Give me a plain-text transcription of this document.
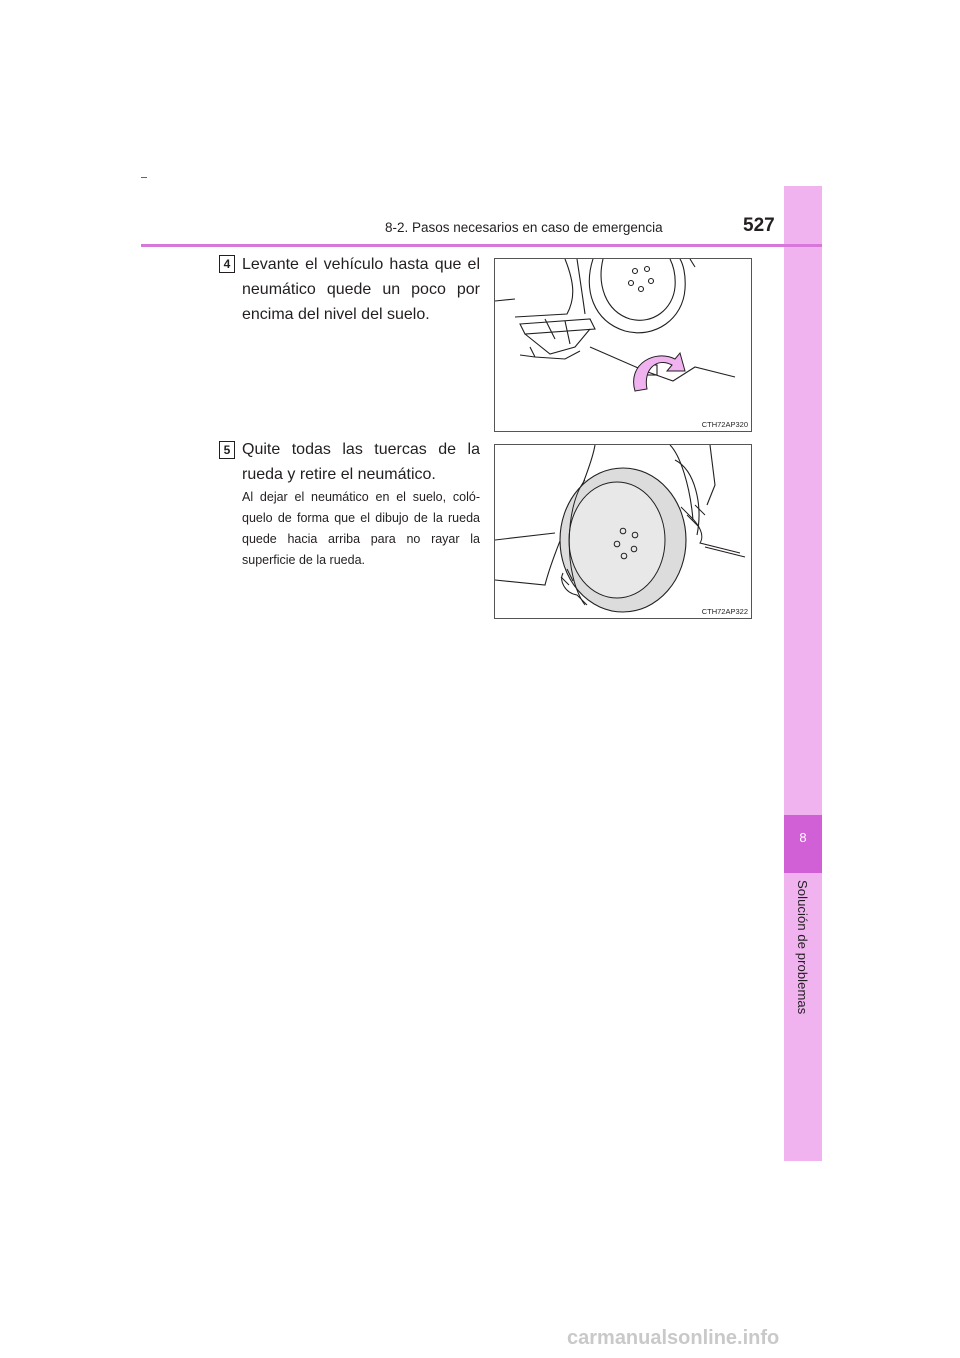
8
Solución de problemas
8-2. Pasos necesarios en caso de emergencia	527
4 Levante el vehículo hasta que el neumático quede un poco por encima del nivel del suelo.
CTH72AP320
5 Quite todas las tuercas de la rueda y retire el neumático.
Al dejar el neumático en el suelo, coló-quelo de forma que el dibujo de la rueda quede hacia arriba para no rayar la superficie de la rueda.
CTH72AP322
carmanualsonline.info
